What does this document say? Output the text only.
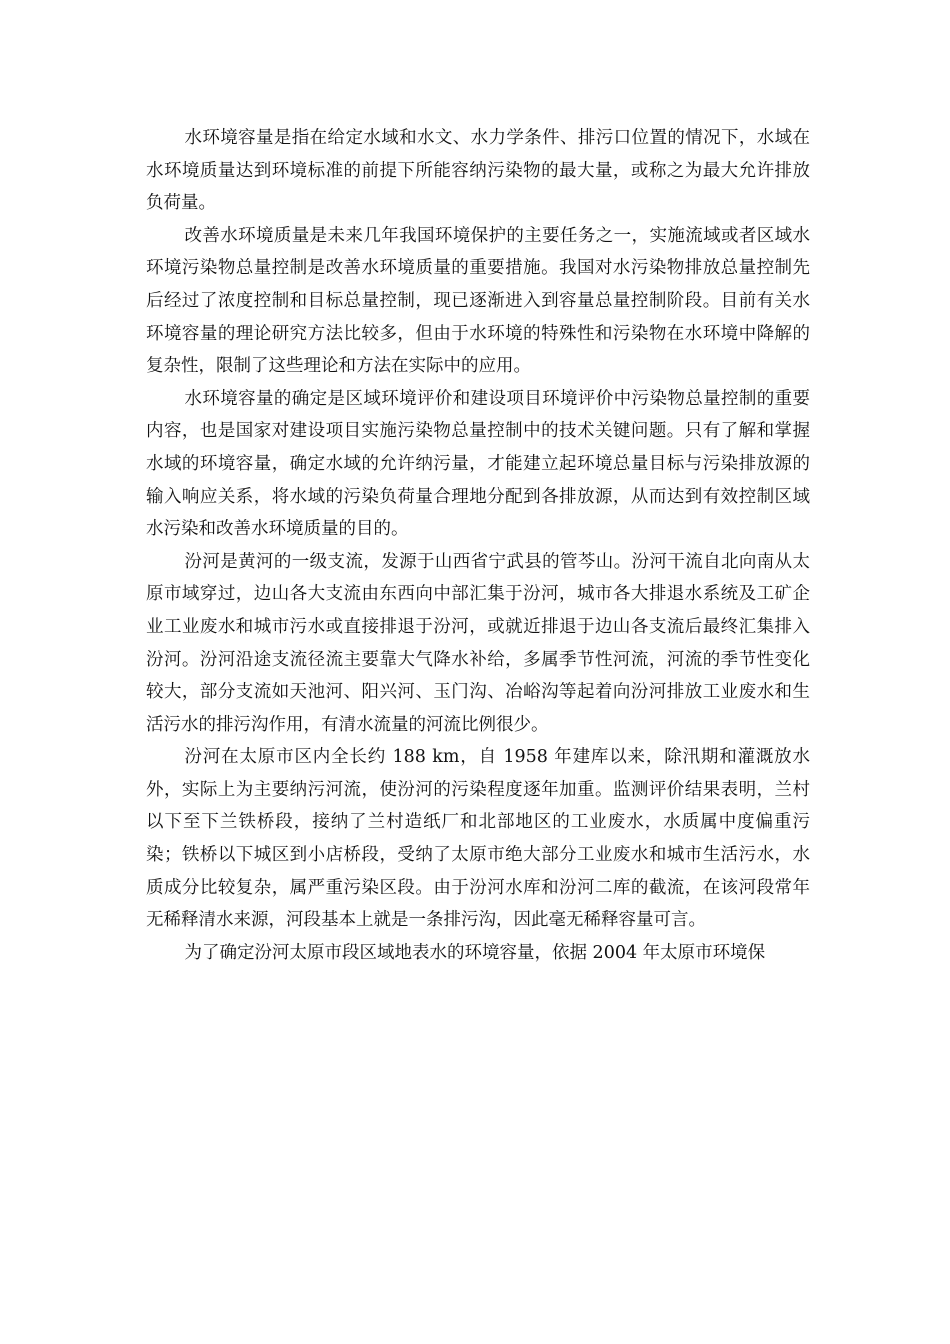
水环境容量是指在给定水域和水文、水力学条件、排污口位置的情况下，水域在水环境质量达到环境标准的前提下所能容纳污染物的最大量，或称之为最大允许排放负荷量。

改善水环境质量是未来几年我国环境保护的主要任务之一，实施流域或者区域水环境污染物总量控制是改善水环境质量的重要措施。我国对水污染物排放总量控制先后经过了浓度控制和目标总量控制，现已逐渐进入到容量总量控制阶段。目前有关水环境容量的理论研究方法比较多，但由于水环境的特殊性和污染物在水环境中降解的复杂性，限制了这些理论和方法在实际中的应用。

水环境容量的确定是区域环境评价和建设项目环境评价中污染物总量控制的重要内容，也是国家对建设项目实施污染物总量控制中的技术关键问题。只有了解和掌握水域的环境容量，确定水域的允许纳污量，才能建立起环境总量目标与污染排放源的输入响应关系，将水域的污染负荷量合理地分配到各排放源，从而达到有效控制区域水污染和改善水环境质量的目的。

汾河是黄河的一级支流，发源于山西省宁武县的管芩山。汾河干流自北向南从太原市域穿过，边山各大支流由东西向中部汇集于汾河，城市各大排退水系统及工矿企业工业废水和城市污水或直接排退于汾河，或就近排退于边山各支流后最终汇集排入汾河。汾河沿途支流径流主要靠大气降水补给，多属季节性河流，河流的季节性变化较大，部分支流如天池河、阳兴河、玉门沟、冶峪沟等起着向汾河排放工业废水和生活污水的排污沟作用，有清水流量的河流比例很少。

汾河在太原市区内全长约 188 km，自 1958 年建库以来，除汛期和灌溉放水外，实际上为主要纳污河流，使汾河的污染程度逐年加重。监测评价结果表明，兰村以下至下兰铁桥段，接纳了兰村造纸厂和北部地区的工业废水，水质属中度偏重污染；铁桥以下城区到小店桥段，受纳了太原市绝大部分工业废水和城市生活污水，水质成分比较复杂，属严重污染区段。由于汾河水库和汾河二库的截流，在该河段常年无稀释清水来源，河段基本上就是一条排污沟，因此毫无稀释容量可言。

为了确定汾河太原市段区域地表水的环境容量，依据 2004 年太原市环境保
